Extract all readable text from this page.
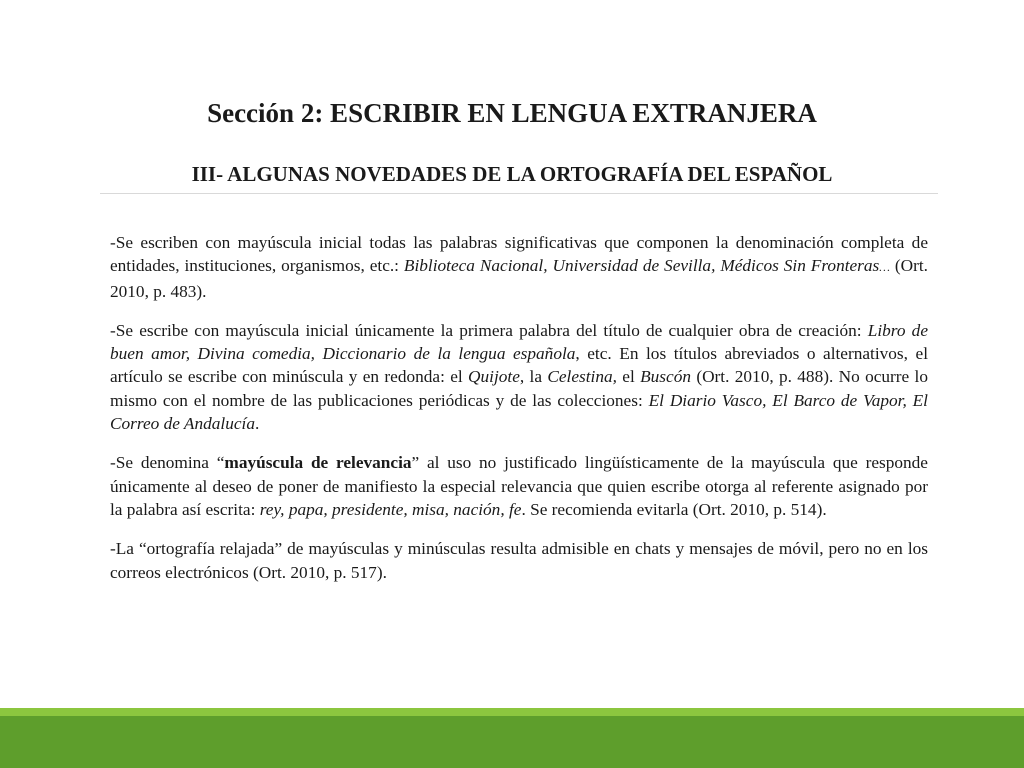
Sección 2: ESCRIBIR EN LENGUA EXTRANJERA
III- ALGUNAS NOVEDADES DE LA ORTOGRAFÍA DEL ESPAÑOL

-Se escriben con mayúscula inicial todas las palabras significativas que componen la denominación completa de entidades, instituciones, organismos, etc.: Biblioteca Nacional, Universidad de Sevilla, Médicos Sin Fronteras… (Ort. 2010, p. 483).

-Se escribe con mayúscula inicial únicamente la primera palabra del título de cualquier obra de creación: Libro de buen amor, Divina comedia, Diccionario de la lengua española, etc. En los títulos abreviados o alternativos, el artículo se escribe con minúscula y en redonda: el Quijote, la Celestina, el Buscón (Ort. 2010, p. 488). No ocurre lo mismo con el nombre de las publicaciones periódicas y de las colecciones: El Diario Vasco, El Barco de Vapor, El Correo de Andalucía.

-Se denomina “mayúscula de relevancia” al uso no justificado lingüísticamente de la mayúscula que responde únicamente al deseo de poner de manifiesto la especial relevancia que quien escribe otorga al referente asignado por la palabra así escrita: rey, papa, presidente, misa, nación, fe. Se recomienda evitarla (Ort. 2010, p. 514).

-La “ortografía relajada” de mayúsculas y minúsculas resulta admisible en chats y mensajes de móvil, pero no en los correos electrónicos (Ort. 2010, p. 517).
